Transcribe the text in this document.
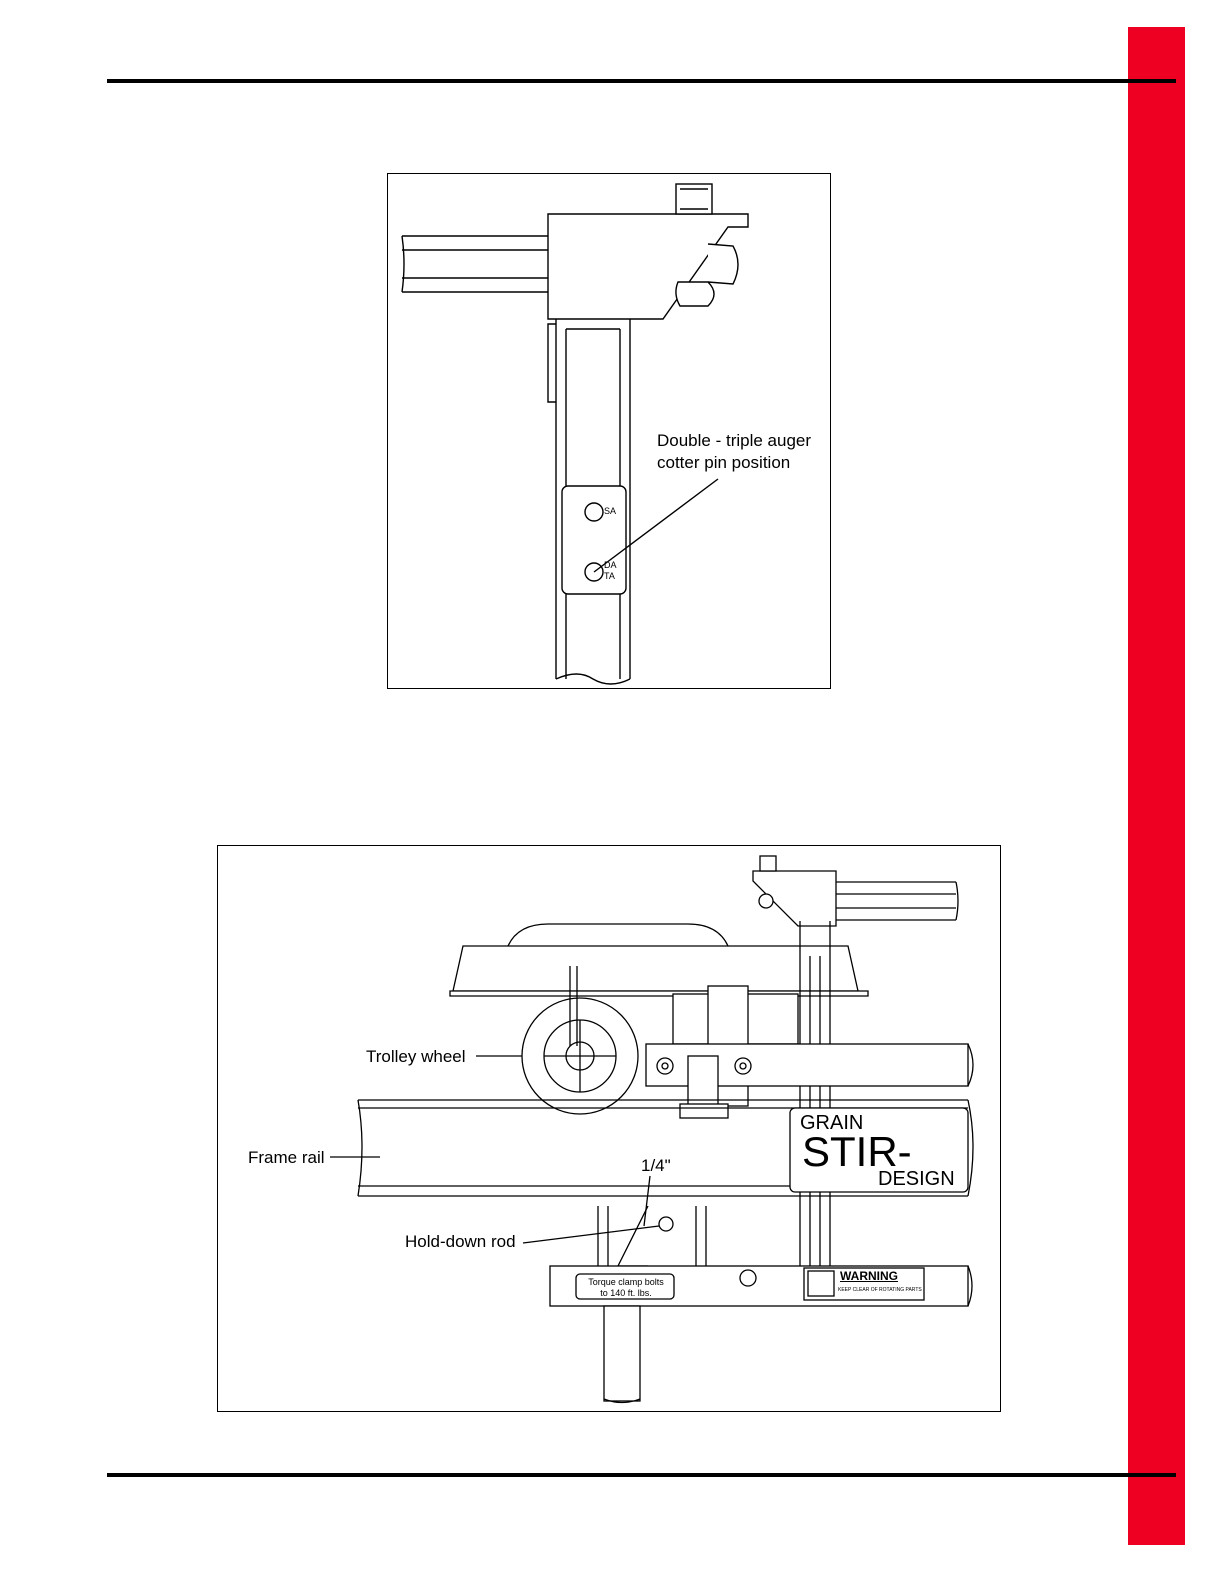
Double - triple auger
cotter pin position
SA
DA
TA
Trolley wheel
Frame rail	1/4"
Hold-down rod
GRAIN
STIR-
DESIGN
Torque clamp bolts
to 140 ft. lbs.
WARNING
KEEP CLEAR OF ROTATING PARTS
